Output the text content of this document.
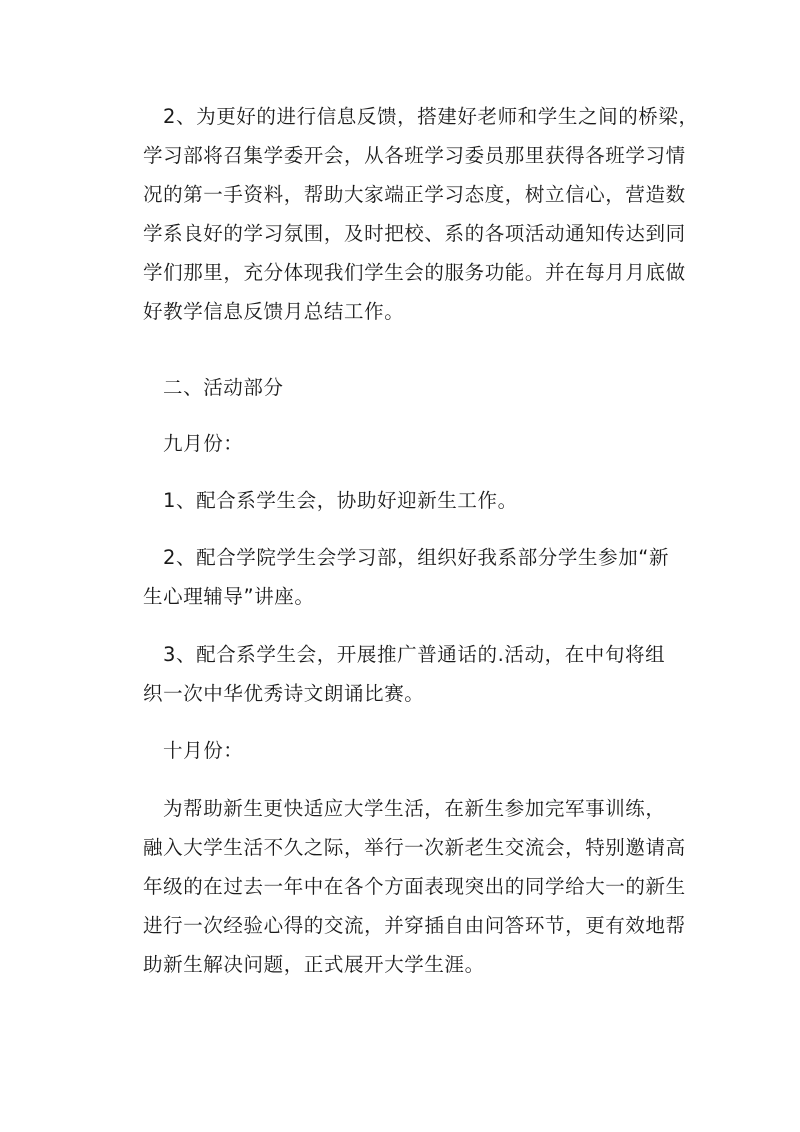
2、为更好的进行信息反馈，搭建好老师和学生之间的桥梁，
学习部将召集学委开会，从各班学习委员那里获得各班学习情
况的第一手资料，帮助大家端正学习态度，树立信心，营造数
学系良好的学习氛围，及时把校、系的各项活动通知传达到同
学们那里，充分体现我们学生会的服务功能。并在每月月底做
好教学信息反馈月总结工作。
二、活动部分
九月份：
1、配合系学生会，协助好迎新生工作。
2、配合学院学生会学习部，组织好我系部分学生参加“新
生心理辅导”讲座。
3、配合系学生会，开展推广普通话的.活动，在中旬将组
织一次中华优秀诗文朗诵比赛。
十月份：
为帮助新生更快适应大学生活，在新生参加完军事训练，
融入大学生活不久之际，举行一次新老生交流会，特别邀请高
年级的在过去一年中在各个方面表现突出的同学给大一的新生
进行一次经验心得的交流，并穿插自由问答环节，更有效地帮
助新生解决问题，正式展开大学生涯。
